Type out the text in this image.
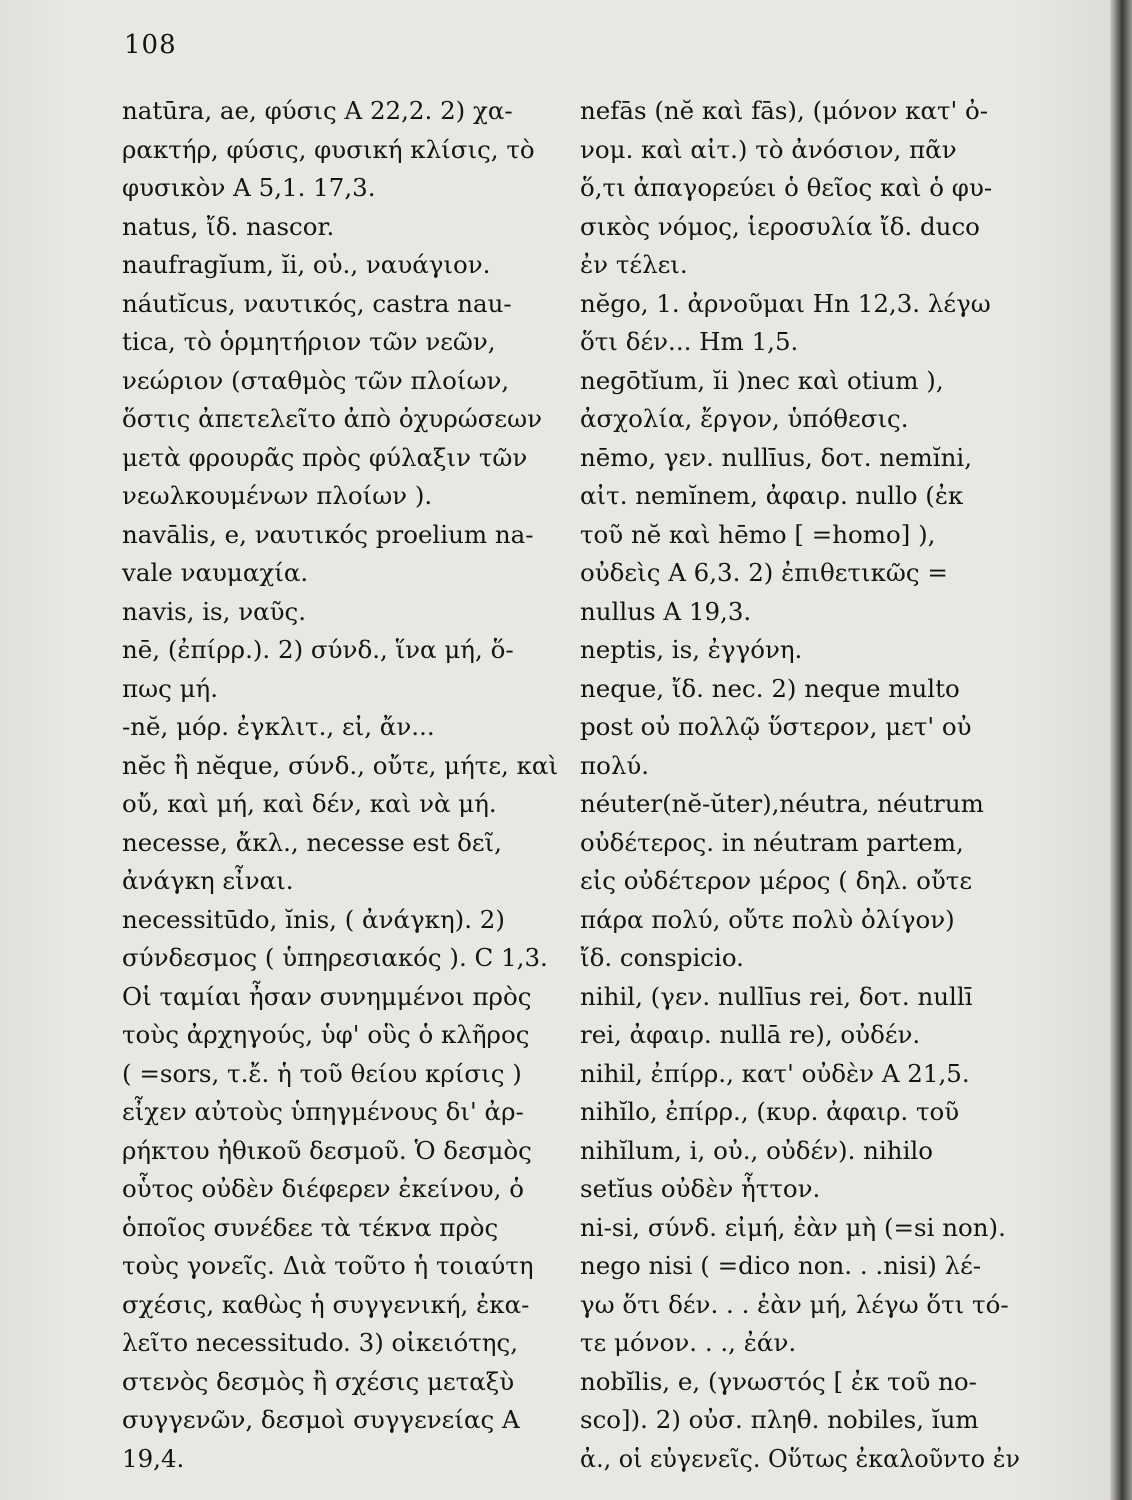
108
natūra, ae, φύσις Α 22,2. 2) χα-
ρακτήρ, φύσις, φυσική κλίσις, τὸ
φυσικὸν Α 5,1. 17,3.
natus, ἴδ. nascor.
naufragĭum, ĭi, οὐ., ναυάγιον.
náutĭcus, ναυτικός, castra nau-
tica, τὸ ὁρμητήριον τῶν νεῶν,
νεώριον (σταθμὸς τῶν πλοίων,
ὅστις ἀπετελεῖτο ἀπὸ ὀχυρώσεων
μετὰ φρουρᾶς πρὸς φύλαξιν τῶν
νεωλκουμένων πλοίων ).
navālis, e, ναυτικός proelium na-
vale ναυμαχία.
navis, is, ναῦς.
nē, (ἐπίρρ.). 2) σύνδ., ἵνα μή, ὅ-
πως μή.
-nĕ, μόρ. ἐγκλιτ., εἰ, ἄν...
nĕc ἢ nĕque, σύνδ., οὔτε, μήτε, καὶ
οὔ, καὶ μή, καὶ δέν, καὶ νὰ μή.
necesse, ἄκλ., necesse est δεῖ,
ἀνάγκη εἶναι.
necessitūdo, ĭnis, ( ἀνάγκη). 2)
σύνδεσμος ( ὑπηρεσιακός ). C 1,3.
Οἱ ταμίαι ἦσαν συνημμένοι πρὸς
τοὺς ἀρχηγούς, ὑφ' οὓς ὁ κλῆρος
( =sors, τ.ἔ. ἡ τοῦ θείου κρίσις )
εἶχεν αὐτοὺς ὑπηγμένους δι' ἀρ-
ρήκτου ἠθικοῦ δεσμοῦ. Ὁ δεσμὸς
οὗτος οὐδὲν διέφερεν ἐκείνου, ὁ
ὁποῖος συνέδεε τὰ τέκνα πρὸς
τοὺς γονεῖς. Διὰ τοῦτο ἡ τοιαύτη
σχέσις, καθὼς ἡ συγγενική, ἐκα-
λεῖτο necessitudo. 3) οἰκειότης,
στενὸς δεσμὸς ἢ σχέσις μεταξὺ
συγγενῶν, δεσμοὶ συγγενείας Α
19,4.
nefās (nĕ καὶ fās), (μόνον κατ' ὀ-
νομ. καὶ αἰτ.) τὸ ἀνόσιον, πᾶν
ὅ,τι ἀπαγορεύει ὁ θεῖος καὶ ὁ φυ-
σικὸς νόμος, ἱεροσυλία ἴδ. duco
ἐν τέλει.
nĕgo, 1. ἀρνοῦμαι Hn 12,3. λέγω
ὅτι δέν... Hm 1,5.
negōtĭum, ĭi )nec καὶ otium ),
ἀσχολία, ἔργον, ὑπόθεσις.
nēmo, γεν. nullīus, δοτ. nemĭni,
αἰτ. nemĭnem, ἀφαιρ. nullo (ἐκ
τοῦ nĕ καὶ hēmo [ =homo] ),
οὐδεὶς Α 6,3. 2) ἐπιθετικῶς =
nullus Α 19,3.
neptis, is, ἐγγόνη.
neque, ἴδ. nec. 2) neque multo
post οὐ πολλῷ ὕστερον, μετ' οὐ
πολύ.
néuter(nĕ-ŭter),néutra, néutrum
οὐδέτερος. in néutram partem,
εἰς οὐδέτερον μέρος ( δηλ. οὔτε
πάρα πολύ, οὔτε πολὺ ὀλίγον)
ἴδ. conspicio.
nihil, (γεν. nullīus rei, δοτ. nullī
rei, ἀφαιρ. nullā re), οὐδέν.
nihil, ἐπίρρ., κατ' οὐδὲν Α 21,5.
nihĭlo, ἐπίρρ., (κυρ. ἀφαιρ. τοῦ
nihĭlum, i, οὐ., οὐδέν). nihilo
setĭus οὐδὲν ἧττον.
ni-si, σύνδ. εἰμή, ἐὰν μὴ (=si non).
nego nisi ( =dico non. . .nisi) λέ-
γω ὅτι δέν. . . ἐὰν μή, λέγω ὅτι τό-
τε μόνον. . ., ἐάν.
nobĭlis, e, (γνωστός [ ἐκ τοῦ no-
sco]). 2) οὐσ. πληθ. nobiles, ĭum
ἀ., οἱ εὐγενεῖς. Οὕτως ἐκαλοῦντο ἐν
